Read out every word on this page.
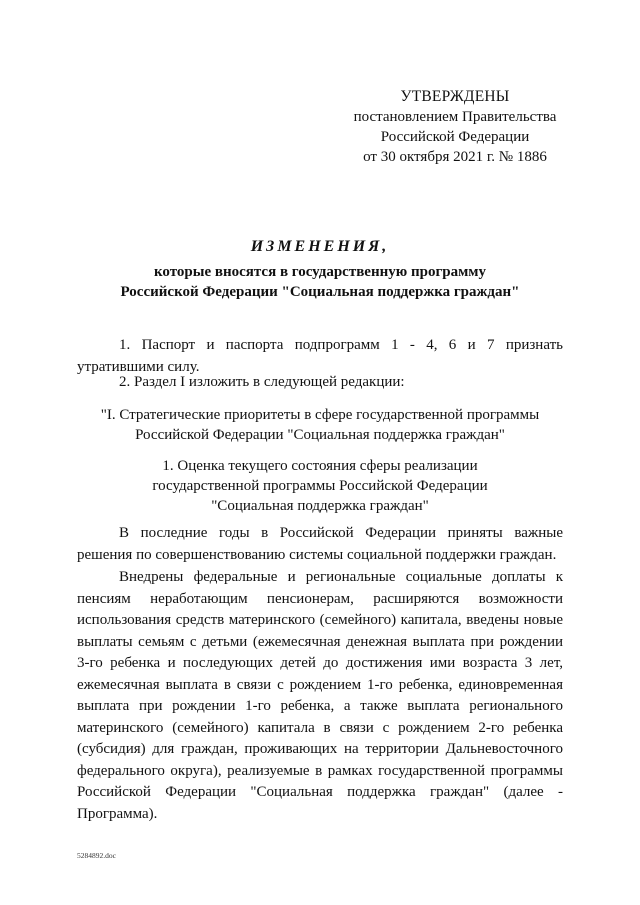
УТВЕРЖДЕНЫ
постановлением Правительства
Российской Федерации
от 30 октября 2021 г. № 1886
ИЗМЕНЕНИЯ,
которые вносятся в государственную программу
Российской Федерации "Социальная поддержка граждан"
1. Паспорт и паспорта подпрограмм 1 - 4, 6 и 7 признать утратившими силу.
2. Раздел I изложить в следующей редакции:
"I. Стратегические приоритеты в сфере государственной программы
Российской Федерации "Социальная поддержка граждан"
1. Оценка текущего состояния сферы реализации
государственной программы Российской Федерации
"Социальная поддержка граждан"
В последние годы в Российской Федерации приняты важные решения по совершенствованию системы социальной поддержки граждан.
Внедрены федеральные и региональные социальные доплаты к пенсиям неработающим пенсионерам, расширяются возможности использования средств материнского (семейного) капитала, введены новые выплаты семьям с детьми (ежемесячная денежная выплата при рождении 3-го ребенка и последующих детей до достижения ими возраста 3 лет, ежемесячная выплата в связи с рождением 1-го ребенка, единовременная выплата при рождении 1-го ребенка, а также выплата регионального материнского (семейного) капитала в связи с рождением 2-го ребенка (субсидия) для граждан, проживающих на территории Дальневосточного федерального округа), реализуемые в рамках государственной программы Российской Федерации "Социальная поддержка граждан" (далее - Программа).
5284892.doc
